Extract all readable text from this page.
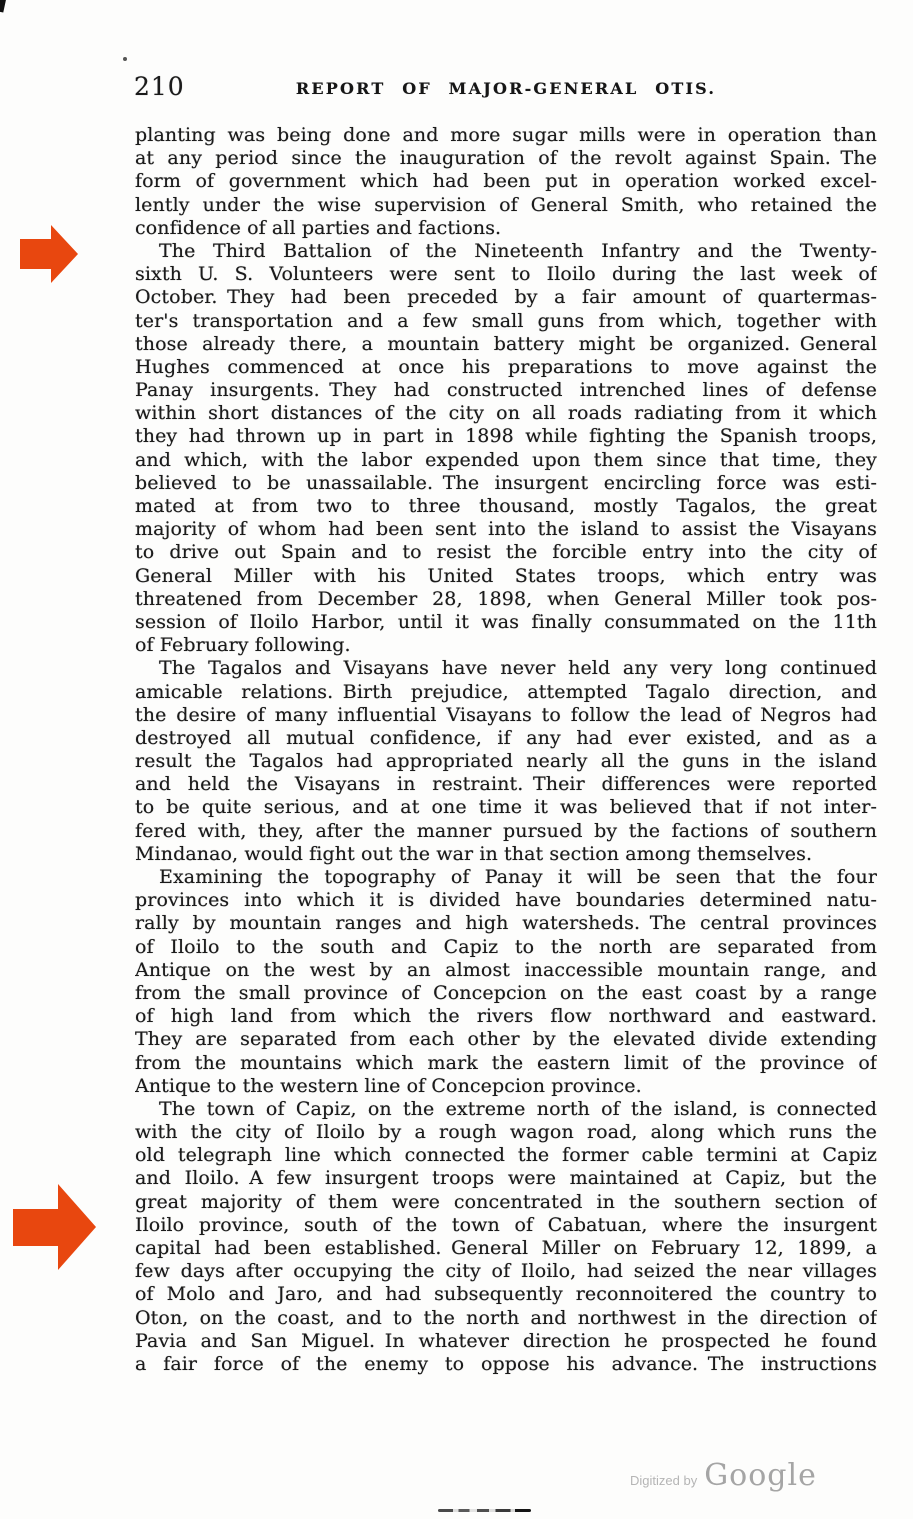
210	REPORT OF MAJOR-GENERAL OTIS.
planting was being done and more sugar mills were in operation than
at any period since the inauguration of the revolt against Spain. The
form of government which had been put in operation worked excel-
lently under the wise supervision of General Smith, who retained the
confidence of all parties and factions.
The Third Battalion of the Nineteenth Infantry and the Twenty-
sixth U. S. Volunteers were sent to Iloilo during the last week of
October. They had been preceded by a fair amount of quartermas-
ter's transportation and a few small guns from which, together with
those already there, a mountain battery might be organized. General
Hughes commenced at once his preparations to move against the
Panay insurgents. They had constructed intrenched lines of defense
within short distances of the city on all roads radiating from it which
they had thrown up in part in 1898 while fighting the Spanish troops,
and which, with the labor expended upon them since that time, they
believed to be unassailable. The insurgent encircling force was esti-
mated at from two to three thousand, mostly Tagalos, the great
majority of whom had been sent into the island to assist the Visayans
to drive out Spain and to resist the forcible entry into the city of
General Miller with his United States troops, which entry was
threatened from December 28, 1898, when General Miller took pos-
session of Iloilo Harbor, until it was finally consummated on the 11th
of February following.
The Tagalos and Visayans have never held any very long continued
amicable relations. Birth prejudice, attempted Tagalo direction, and
the desire of many influential Visayans to follow the lead of Negros had
destroyed all mutual confidence, if any had ever existed, and as a
result the Tagalos had appropriated nearly all the guns in the island
and held the Visayans in restraint. Their differences were reported
to be quite serious, and at one time it was believed that if not inter-
fered with, they, after the manner pursued by the factions of southern
Mindanao, would fight out the war in that section among themselves.
Examining the topography of Panay it will be seen that the four
provinces into which it is divided have boundaries determined natu-
rally by mountain ranges and high watersheds. The central provinces
of Iloilo to the south and Capiz to the north are separated from
Antique on the west by an almost inaccessible mountain range, and
from the small province of Concepcion on the east coast by a range
of high land from which the rivers flow northward and eastward.
They are separated from each other by the elevated divide extending
from the mountains which mark the eastern limit of the province of
Antique to the western line of Concepcion province.
The town of Capiz, on the extreme north of the island, is connected
with the city of Iloilo by a rough wagon road, along which runs the
old telegraph line which connected the former cable termini at Capiz
and Iloilo. A few insurgent troops were maintained at Capiz, but the
great majority of them were concentrated in the southern section of
Iloilo province, south of the town of Cabatuan, where the insurgent
capital had been established. General Miller on February 12, 1899, a
few days after occupying the city of Iloilo, had seized the near villages
of Molo and Jaro, and had subsequently reconnoitered the country to
Oton, on the coast, and to the north and northwest in the direction of
Pavia and San Miguel. In whatever direction he prospected he found
a fair force of the enemy to oppose his advance. The instructions
Digitized by Google
